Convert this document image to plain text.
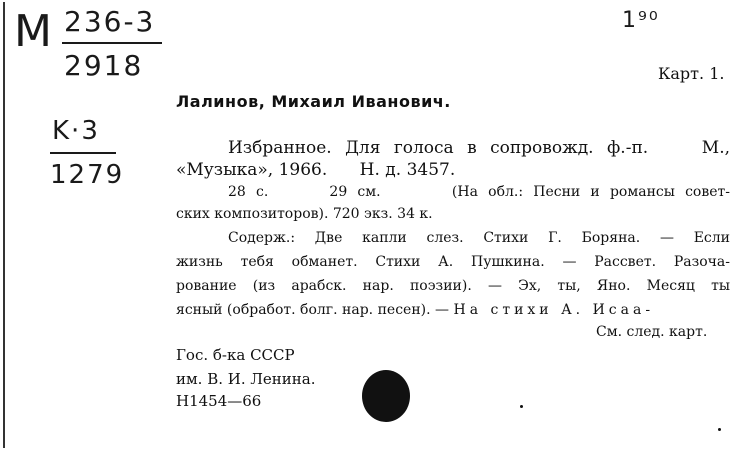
M 236-3
2918
K·3
1279
1⁹⁰
Карт. 1.
Лалинов, Михаил Иванович.
Избранное. Для голоса в сопровожд. ф.-п.    М.,
«Музыка», 1966.      Н. д. 3457.
28 с.      29 см.       (На обл.: Песни и романсы совет-
ских композиторов). 720 экз. 34 к.
Содерж.: Две капли слез. Стихи Г. Боряна. — Если
жизнь тебя обманет. Стихи А. Пушкина. — Рассвет. Разоча-
рование (из арабск. нар. поэзии). — Эх, ты, Яно. Месяц ты
ясный (обработ. болг. нар. песен). — На стихи А. Исаа-
См. след. карт.
Гос. б-ка СССР
им. В. И. Ленина.
Н1454—66
